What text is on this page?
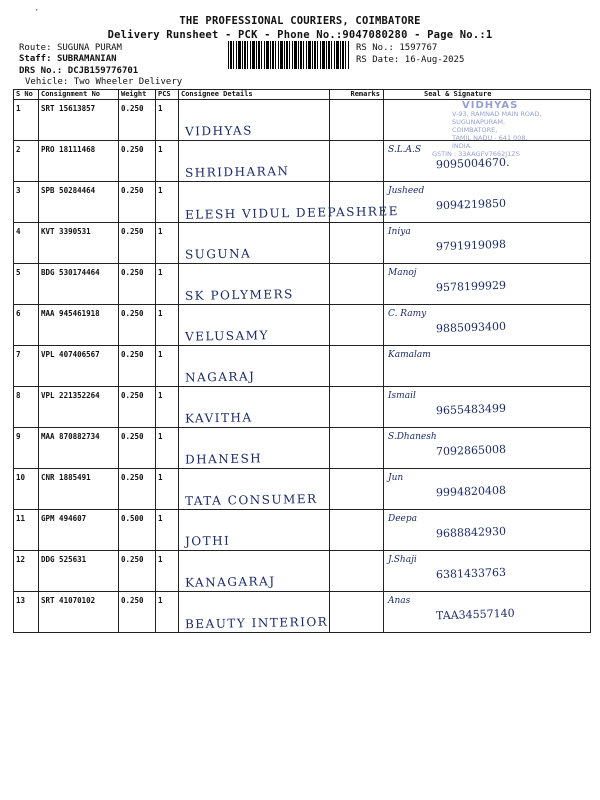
THE PROFESSIONAL COURIERS, COIMBATORE
Delivery Runsheet - PCK - Phone No.:9047080280 - Page No.:1
Route: SUGUNA PURAM
Staff: SUBRAMANIAN
DRS No.: DCJB159776701
Vehicle: Two Wheeler Delivery
RS No.: 1597767
RS Date: 16-Aug-2025
S No	Consignment No	Weight	PCS	Consignee Details	Remarks	Seal & Signature

1	SRT 15613857	0.250	1	VIDHYAS		VIDHYAS
V-93, RAMNAD MAIN ROAD,
SUGUNAPURAM, COIMBATORE,
TAMIL NADU - 641 008, INDIA.
GSTIN : 33AAGFV7662J1ZS

2	PRO 18111468	0.250	1	SHRIDHARAN		S.L.A.S
9095004670.

3	SPB 50284464	0.250	1	ELESH VIDUL DEEPASHREE		Jusheed
9094219850

4	KVT 3390531	0.250	1	SUGUNA		Iniya
9791919098

5	BDG 530174464	0.250	1	SK POLYMERS		Manoj
9578199929

6	MAA 945461918	0.250	1	VELUSAMY		C. Ramy
9885093400

7	VPL 407406567	0.250	1	NAGARAJ		Kamalam

8	VPL 221352264	0.250	1	KAVITHA		Ismail
9655483499

9	MAA 870882734	0.250	1	DHANESH		S.Dhanesh
7092865008

10	CNR 1885491	0.250	1	TATA CONSUMER		Jun
9994820408

11	GPM 494607	0.500	1	JOTHI		Deepa
9688842930

12	DDG 525631	0.250	1	KANAGARAJ		J.Shaji
6381433763

13	SRT 41070102	0.250	1	BEAUTY INTERIOR		Anas
TAA34557140
·
